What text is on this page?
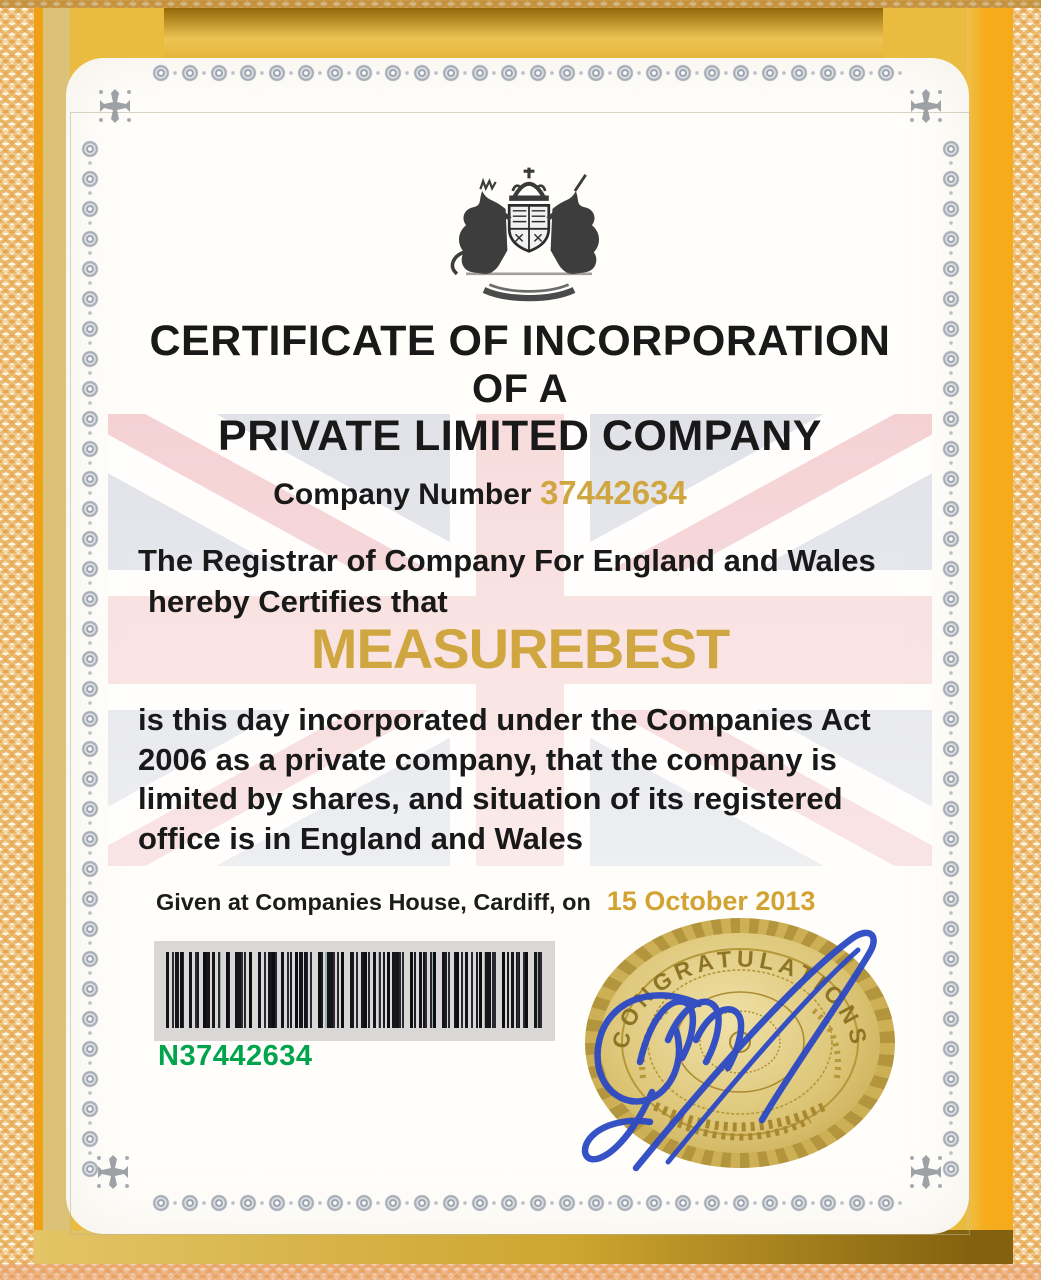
CERTIFICATE OF INCORPORATION
OF A
PRIVATE LIMITED COMPANY
Company Number 37442634
The Registrar of Company For England and Wales
hereby Certifies that
MEASUREBEST
is this day incorporated under the Companies Act
2006 as a private company, that the company is
limited by shares, and situation of its registered
office is in England and Wales
Given at Companies House, Cardiff, on 15 October 2013
N37442634
CONGRATULATIONS
